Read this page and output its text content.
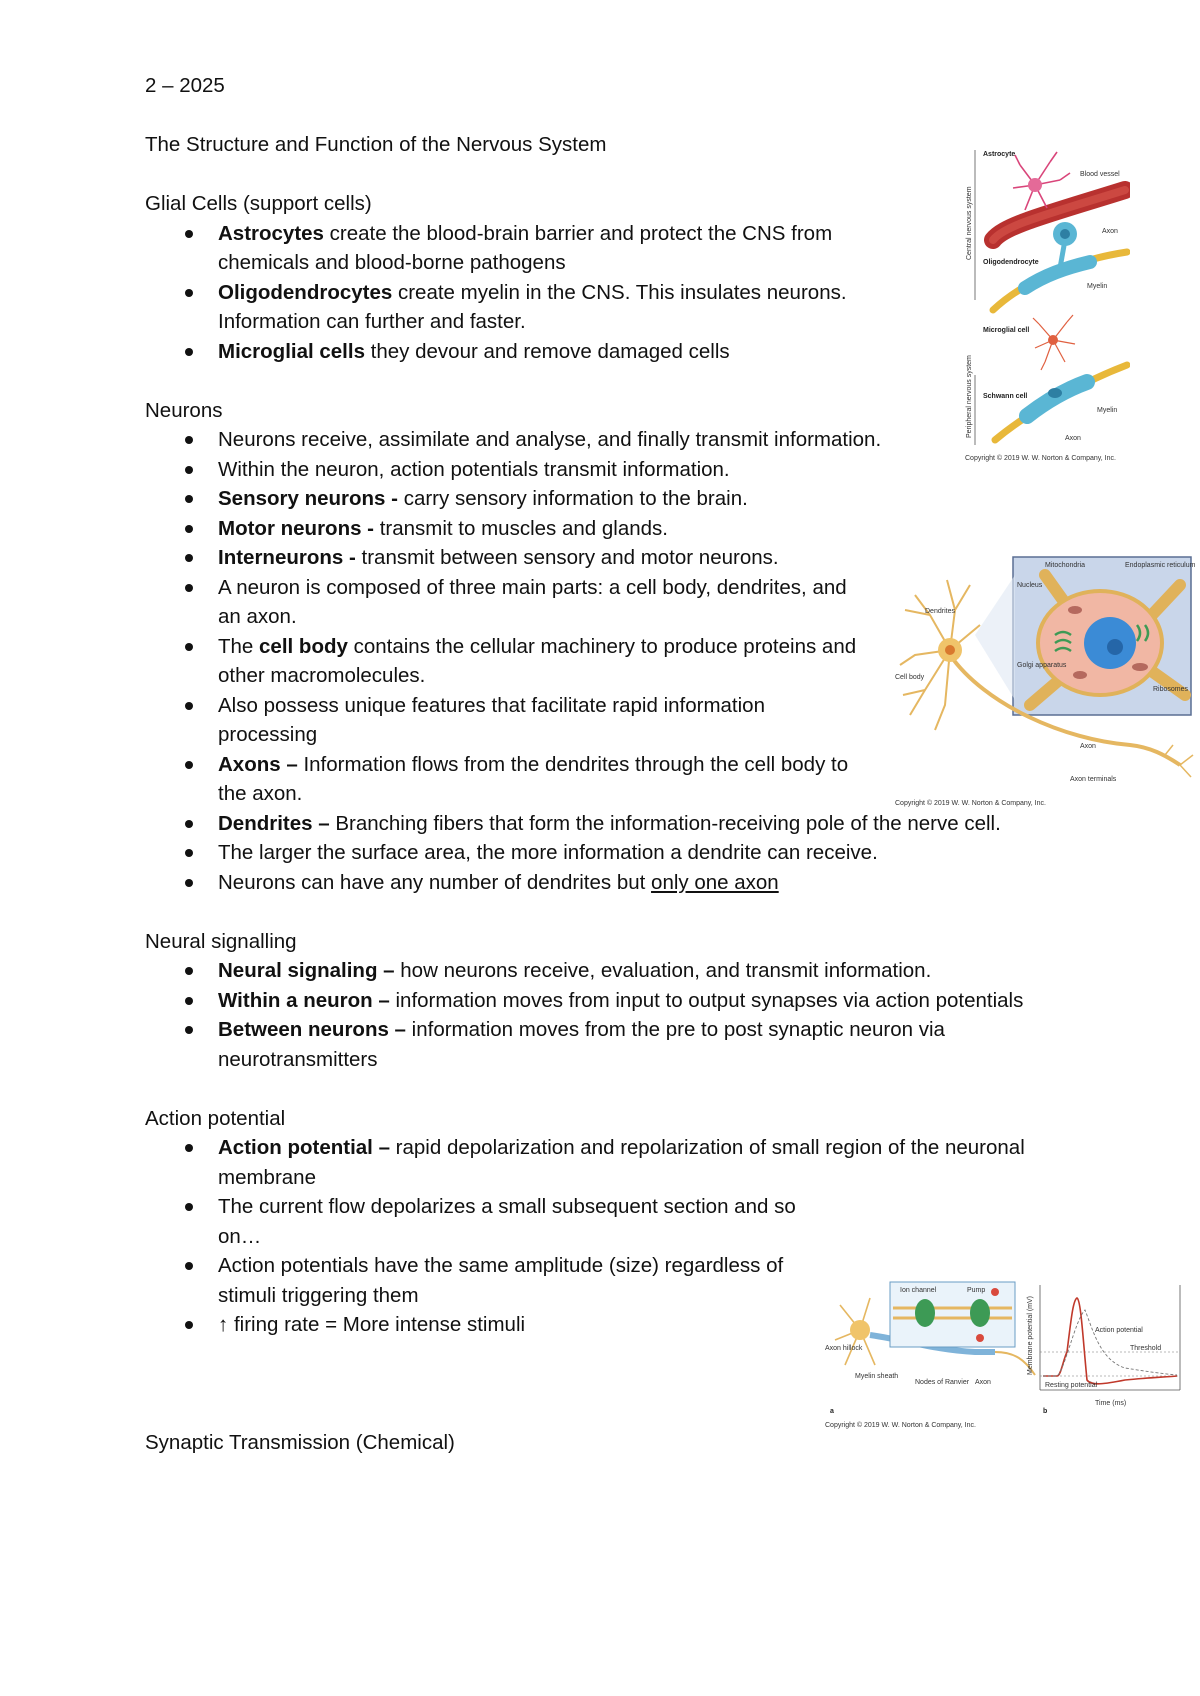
2 – 2025
The Structure and Function of the Nervous System
Glial Cells (support cells)
Astrocytes create the blood-brain barrier and protect the CNS from chemicals and blood-borne pathogens
Oligodendrocytes create myelin in the CNS. This insulates neurons. Information can further and faster.
Microglial cells they devour and remove damaged cells
Neurons
Neurons receive, assimilate and analyse, and finally transmit information.
Within the neuron, action potentials transmit information.
Sensory neurons - carry sensory information to the brain.
Motor neurons - transmit to muscles and glands.
Interneurons - transmit between sensory and motor neurons.
A neuron is composed of three main parts: a cell body, dendrites, and an axon.
The cell body contains the cellular machinery to produce proteins and other macromolecules.
Also possess unique features that facilitate rapid information processing
Axons – Information flows from the dendrites through the cell body to the axon.
Dendrites – Branching fibers that form the information-receiving pole of the nerve cell.
The larger the surface area, the more information a dendrite can receive.
Neurons can have any number of dendrites but only one axon
Neural signalling
Neural signaling – how neurons receive, evaluation, and transmit information.
Within a neuron – information moves from input to output synapses via action potentials
Between neurons – information moves from the pre to post synaptic neuron via neurotransmitters
Action potential
Action potential – rapid depolarization and repolarization of small region of the neuronal membrane
The current flow depolarizes a small subsequent section and so on…
Action potentials have the same amplitude (size) regardless of stimuli triggering them
↑ firing rate = More intense stimuli
Synaptic Transmission (Chemical)
Central nervous system
Peripheral nervous system
Astrocyte
Blood vessel
Oligodendrocyte
Axon
Myelin
Microglial cell
Schwann cell
Myelin
Axon
Copyright © 2019 W. W. Norton & Company, Inc.
Mitochondria	Endoplasmic reticulum
Nucleus
Golgi apparatus
Ribosomes
Dendrites
Cell body
Axon
Axon terminals
Copyright © 2019 W. W. Norton & Company, Inc.
Ion channel	Pump
Axon hillock
Myelin sheath
Nodes of Ranvier Axon
a
Membrane potential (mV)
Time (ms)
Action potential
Threshold
Resting potential
b
Copyright © 2019 W. W. Norton & Company, Inc.
